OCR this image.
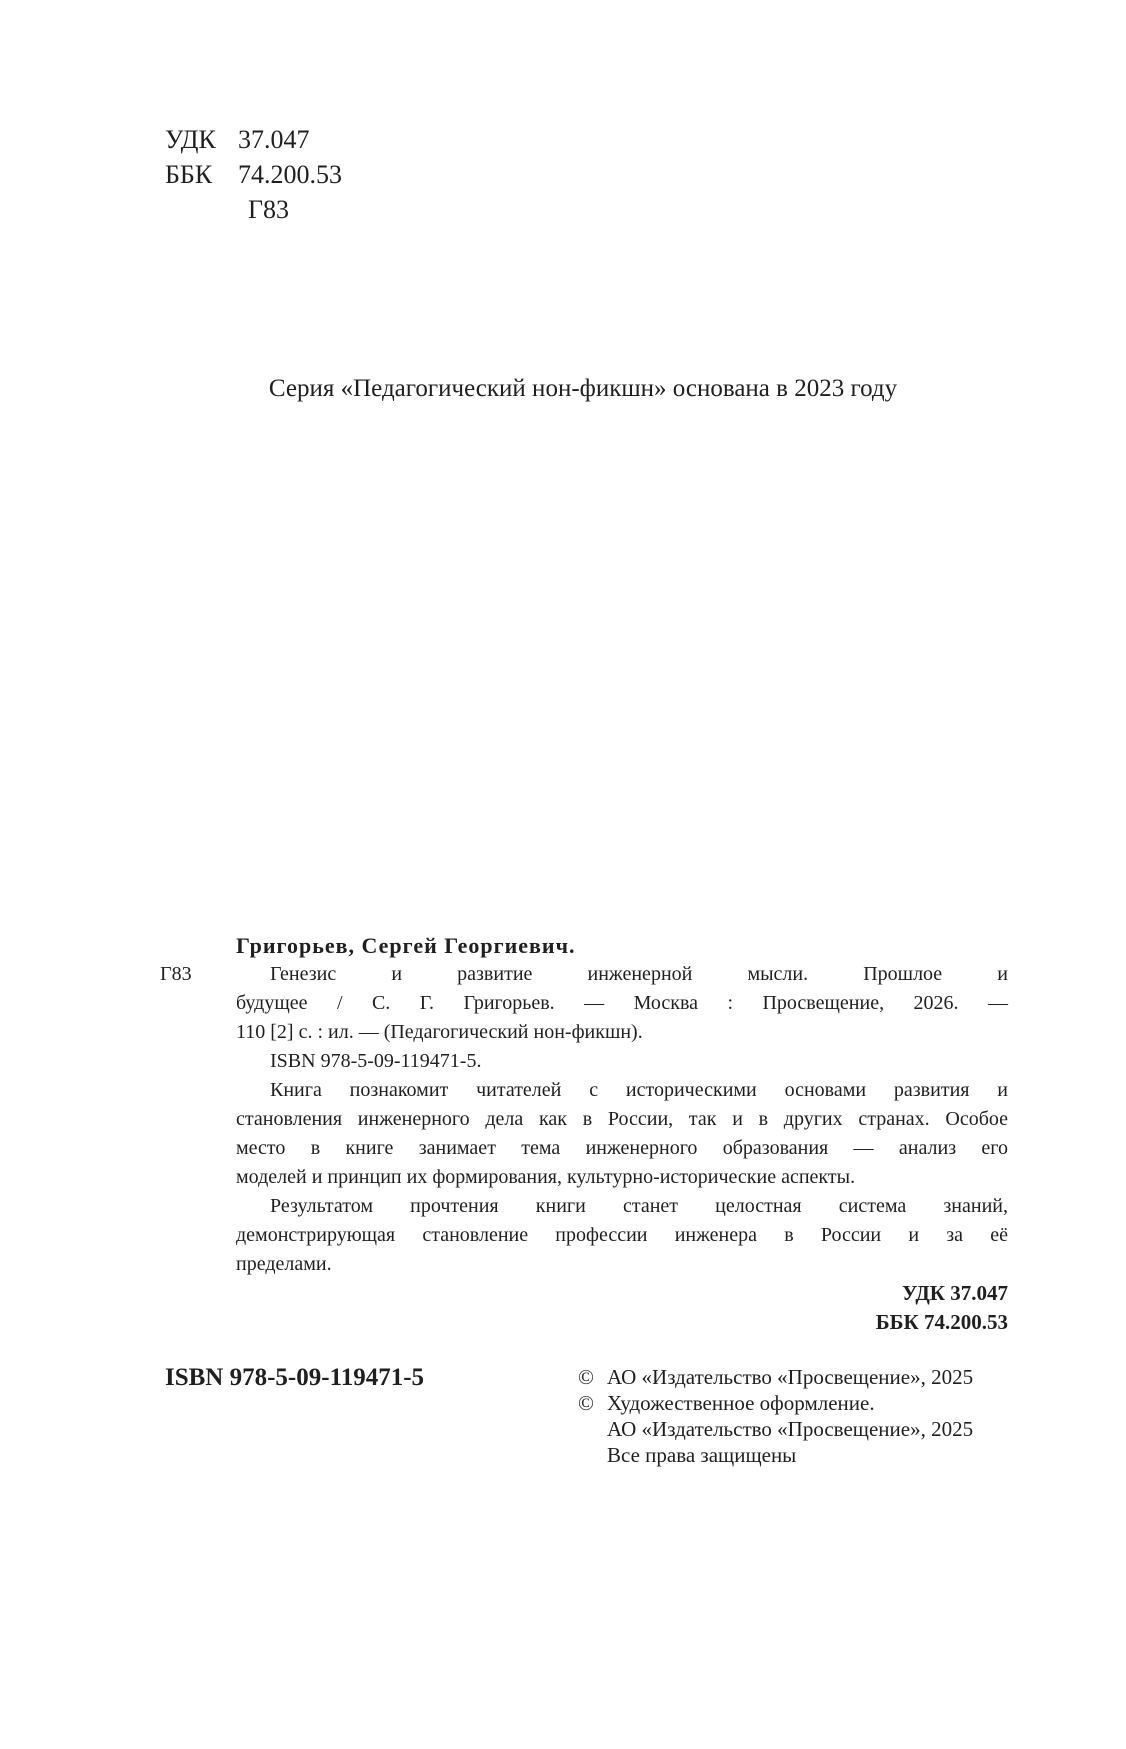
УДК 37.047
ББК 74.200.53
Г83
Серия «Педагогический нон-фикшн» основана в 2023 году
Г83
Григорьев, Сергей Георгиевич.
Генезис и развитие инженерной мысли. Прошлое и
будущее / С. Г. Григорьев. — Москва : Просвещение, 2026. —
110 [2] с. : ил. — (Педагогический нон-фикшн).
ISBN 978-5-09-119471-5.
Книга познакомит читателей с историческими основами развития и
становления инженерного дела как в России, так и в других странах. Особое
место в книге занимает тема инженерного образования — анализ его
моделей и принцип их формирования, культурно-исторические аспекты.
Результатом прочтения книги станет целостная система знаний,
демонстрирующая становление профессии инженера в России и за её
пределами.
УДК 37.047
ББК 74.200.53
ISBN 978-5-09-119471-5	© АО «Издательство «Просвещение», 2025
© Художественное оформление.
АО «Издательство «Просвещение», 2025
Все права защищены
